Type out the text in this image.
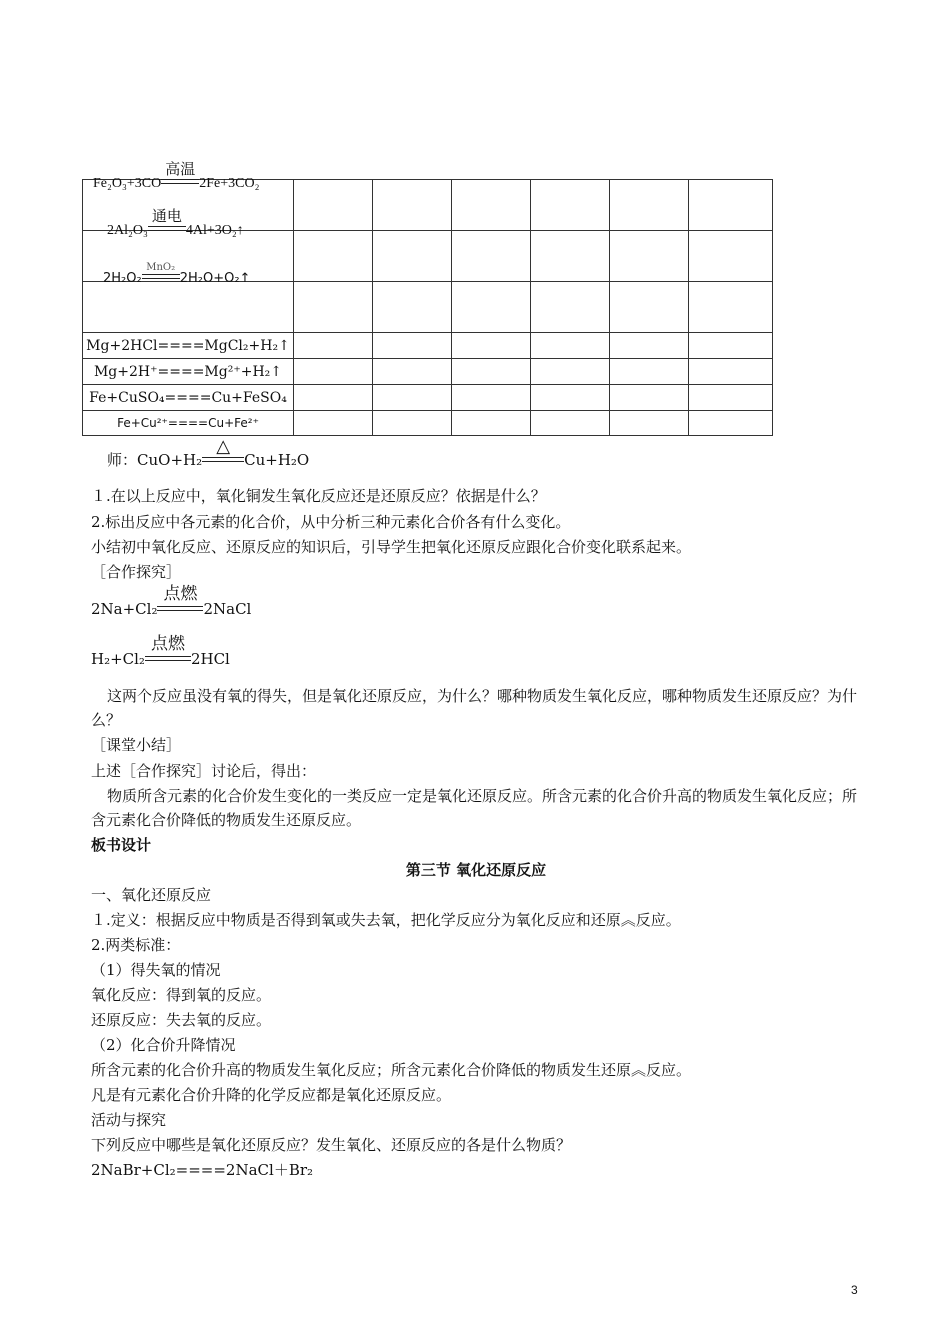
Fe₂O₃+3CO
高温
2Fe+3CO₂						

2Al₂O₃
通电
4Al+3O₂↑						

2H₂O₂
MnO₂
2H₂O+O₂↑						

Mg+2HCl====MgCl₂+H₂↑						
Mg+2H⁺====Mg²⁺+H₂↑						
Fe+CuSO₄====Cu+FeSO₄						
Fe+Cu²⁺====Cu+Fe²⁺						
师：CuO+H₂
△
Cu+H₂O
１.在以上反应中，氧化铜发生氧化反应还是还原反应？依据是什么？
2.标出反应中各元素的化合价，从中分析三种元素化合价各有什么变化。
小结初中氧化反应、还原反应的知识后，引导学生把氧化还原反应跟化合价变化联系起来。
［合作探究］
2Na+Cl₂
点燃
2NaCl
H₂+Cl₂
点燃
2HCl
这两个反应虽没有氧的得失，但是氧化还原反应，为什么？哪种物质发生氧化反应，哪种物质发生还原反应？为什么？
［课堂小结］
上述［合作探究］讨论后，得出：
物质所含元素的化合价发生变化的一类反应一定是氧化还原反应。所含元素的化合价升高的物质发生氧化反应；所含元素化合价降低的物质发生还原反应。
板书设计
第三节 氧化还原反应
一、氧化还原反应
１.定义：根据反应中物质是否得到氧或失去氧，把化学反应分为氧化反应和还原︽反应。
2.两类标准：
（1）得失氧的情况
氧化反应：得到氧的反应。
还原反应：失去氧的反应。
（2）化合价升降情况
所含元素的化合价升高的物质发生氧化反应；所含元素化合价降低的物质发生还原︽反应。
凡是有元素化合价升降的化学反应都是氧化还原反应。
活动与探究
下列反应中哪些是氧化还原反应？发生氧化、还原反应的各是什么物质？
2NaBr+Cl₂====2NaCl＋Br₂
3
